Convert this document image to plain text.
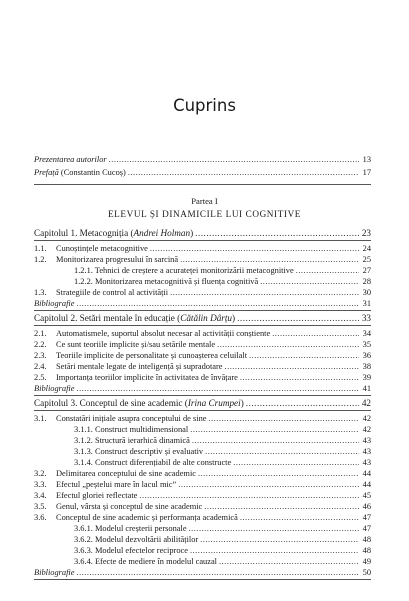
Cuprins
Prezentarea autorilor .....	13
Prefață (Constantin Cucoș) .....	17
Partea I
ELEVUL ȘI DINAMICILE LUI COGNITIVE
Capitolul 1. Metacogniția ( Andrei Holman ) .....	23
1.1.	Cunoștințele metacognitive .....	24
1.2.	Monitorizarea progresului în sarcină .....	25
1.2.1. Tehnici de creștere a acurateței monitorizării metacognitive .....	27
1.2.2. Monitorizarea metacognitivă și fluența cognitivă .....	28
1.3.	Strategiile de control al activității .....	30
Bibliografie .....	31
Capitolul 2. Setări mentale în educație ( Cătălin Dârțu ) .....	33
2.1.	Automatismele, suportul absolut necesar al activității conștiente .....	34
2.2.	Ce sunt teoriile implicite și/sau setările mentale .....	35
2.3.	Teoriile implicite de personalitate și cunoașterea celuilalt .....	36
2.4.	Setări mentale legate de inteligență și supradotare .....	38
2.5.	Importanța teoriilor implicite în activitatea de învățare .....	39
Bibliografie .....	41
Capitolul 3. Conceptul de sine academic ( Irina Crumpei ) .....	42
3.1.	Constatări inițiale asupra conceptului de sine .....	42
3.1.1. Construct multidimensional .....	42
3.1.2. Structură ierarhică dinamică .....	43
3.1.3. Construct descriptiv și evaluativ .....	43
3.1.4. Construct diferențiabil de alte constructe .....	43
3.2.	Delimitarea conceptului de sine academic .....	44
3.3.	Efectul „peștelui mare în lacul mic” .....	44
3.4.	Efectul gloriei reflectate .....	45
3.5.	Genul, vârsta și conceptul de sine academic .....	46
3.6.	Conceptul de sine academic și performanța academică .....	47
3.6.1. Modelul creșterii personale .....	47
3.6.2. Modelul dezvoltării abilităților .....	48
3.6.3. Modelul efectelor reciproce .....	48
3.6.4. Efecte de mediere în modelul cauzal .....	49
Bibliografie .....	50
